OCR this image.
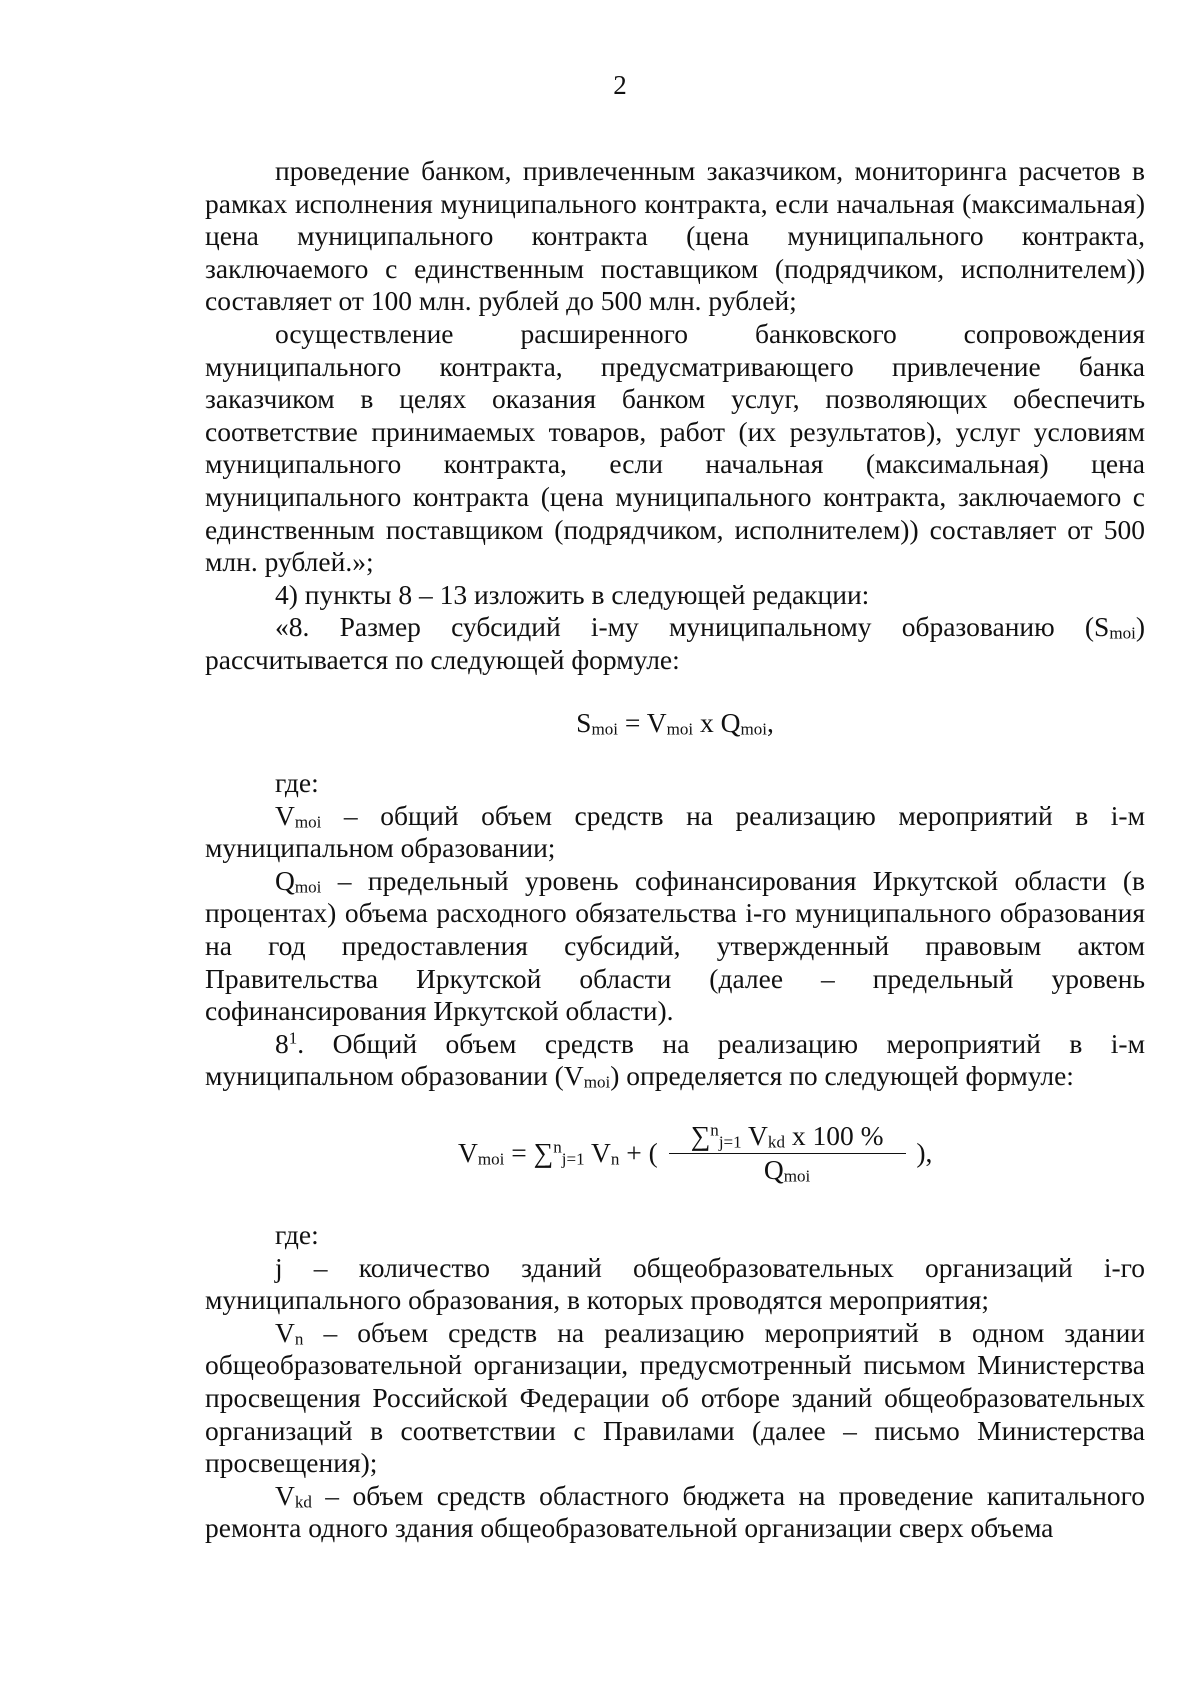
2

проведение банком, привлеченным заказчиком, мониторинга расчетов в рамках исполнения муниципального контракта, если начальная (максимальная) цена муниципального контракта (цена муниципального контракта, заключаемого с единственным поставщиком (подрядчиком, исполнителем)) составляет от 100 млн. рублей до 500 млн. рублей;

осуществление расширенного банковского сопровождения муниципального контракта, предусматривающего привлечение банка заказчиком в целях оказания банком услуг, позволяющих обеспечить соответствие принимаемых товаров, работ (их результатов), услуг условиям муниципального контракта, если начальная (максимальная) цена муниципального контракта (цена муниципального контракта, заключаемого с единственным поставщиком (подрядчиком, исполнителем)) составляет от 500 млн. рублей.»;

4) пункты 8 – 13 изложить в следующей редакции:

«8. Размер субсидий i-му муниципальному образованию $(S_{moi})$ рассчитывается по следующей формуле:

$S_{moi} = V_{moi}$ x $Q_{moi}$,

где:

$V_{moi}$ – общий объем средств на реализацию мероприятий в i-м муниципальном образовании;

$Q_{moi}$ – предельный уровень софинансирования Иркутской области (в процентах) объема расходного обязательства i-го муниципального образования на год предоставления субсидий, утвержденный правовым актом Правительства Иркутской области (далее – предельный уровень софинансирования Иркутской области).

$8^1$. Общий объем средств на реализацию мероприятий в i-м муниципальном образовании $(V_{moi})$ определяется по следующей формуле:

$V_{moi} = \sum^n_{j=1}$ $V_n$ + ( $\frac{\sum^n_{j=1} V_{kd} x 100 \%}{Q_{moi}}$ ),

где:

j – количество зданий общеобразовательных организаций i-го муниципального образования, в которых проводятся мероприятия;

$V_n$ – объем средств на реализацию мероприятий в одном здании общеобразовательной организации, предусмотренный письмом Министерства просвещения Российской Федерации об отборе зданий общеобразовательных организаций в соответствии с Правилами (далее – письмо Министерства просвещения);

$V_{kd}$ – объем средств областного бюджета на проведение капитального ремонта одного здания общеобразовательной организации сверх объема
